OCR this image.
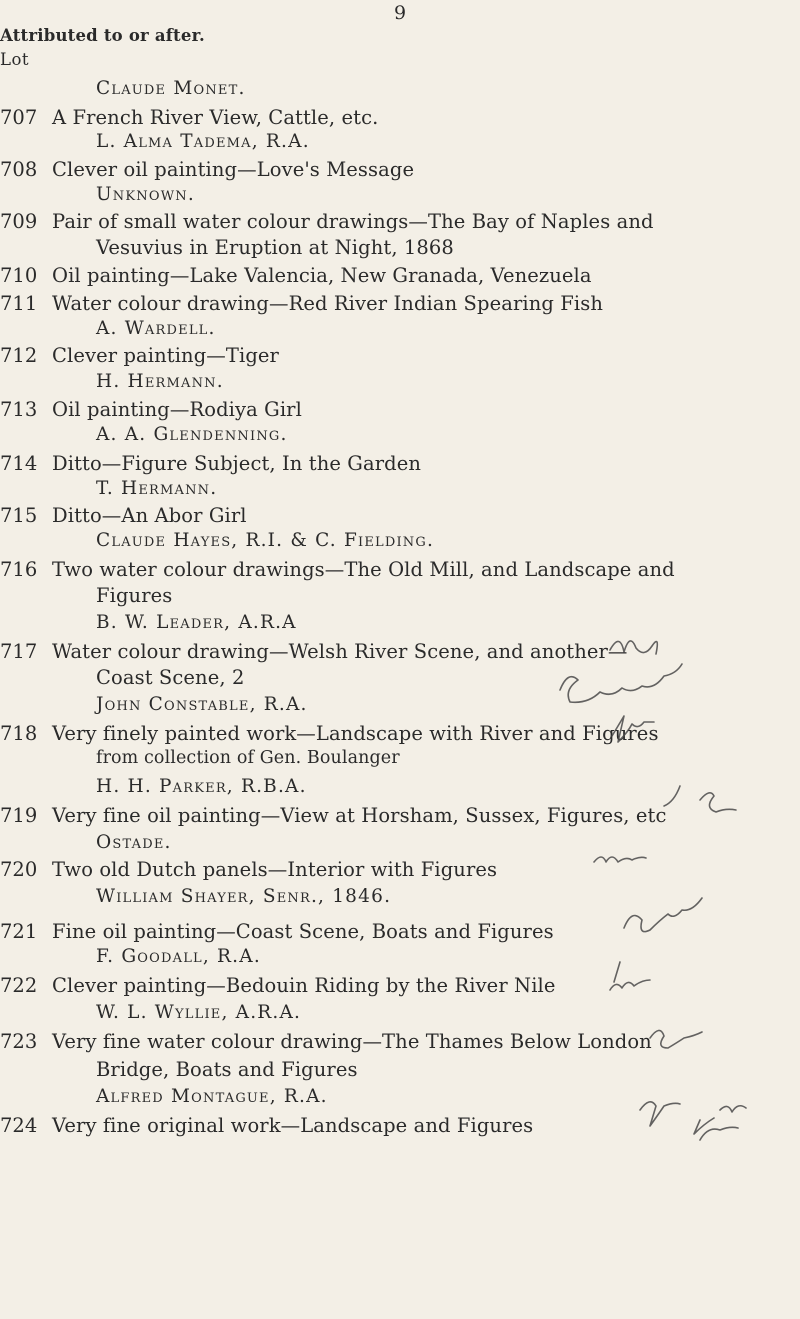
9
Attributed to or after.
Lot
Claude Monet.
707 A French River View, Cattle, etc.
L. Alma Tadema, R.A.
708 Clever oil painting—Love's Message
Unknown.
709 Pair of small water colour drawings—The Bay of Naples and
Vesuvius in Eruption at Night, 1868
710 Oil painting—Lake Valencia, New Granada, Venezuela
711 Water colour drawing—Red River Indian Spearing Fish
A. Wardell.
712 Clever painting—Tiger
H. Hermann.
713 Oil painting—Rodiya Girl
A. A. Glendenning.
714 Ditto—Figure Subject, In the Garden
T. Hermann.
715 Ditto—An Abor Girl
Claude Hayes, R.I. & C. Fielding.
716 Two water colour drawings—The Old Mill, and Landscape and
Figures
B. W. Leader, A.R.A
717 Water colour drawing—Welsh River Scene, and another—
Coast Scene, 2
John Constable, R.A.
718 Very finely painted work—Landscape with River and Figures
from collection of Gen. Boulanger
H. H. Parker, R.B.A.
719 Very fine oil painting—View at Horsham, Sussex, Figures, etc
Ostade.
720 Two old Dutch panels—Interior with Figures
William Shayer, Senr., 1846.
721 Fine oil painting—Coast Scene, Boats and Figures
F. Goodall, R.A.
722 Clever painting—Bedouin Riding by the River Nile
W. L. Wyllie, A.R.A.
723 Very fine water colour drawing—The Thames Below London
Bridge, Boats and Figures
Alfred Montague, R.A.
724 Very fine original work—Landscape and Figures
